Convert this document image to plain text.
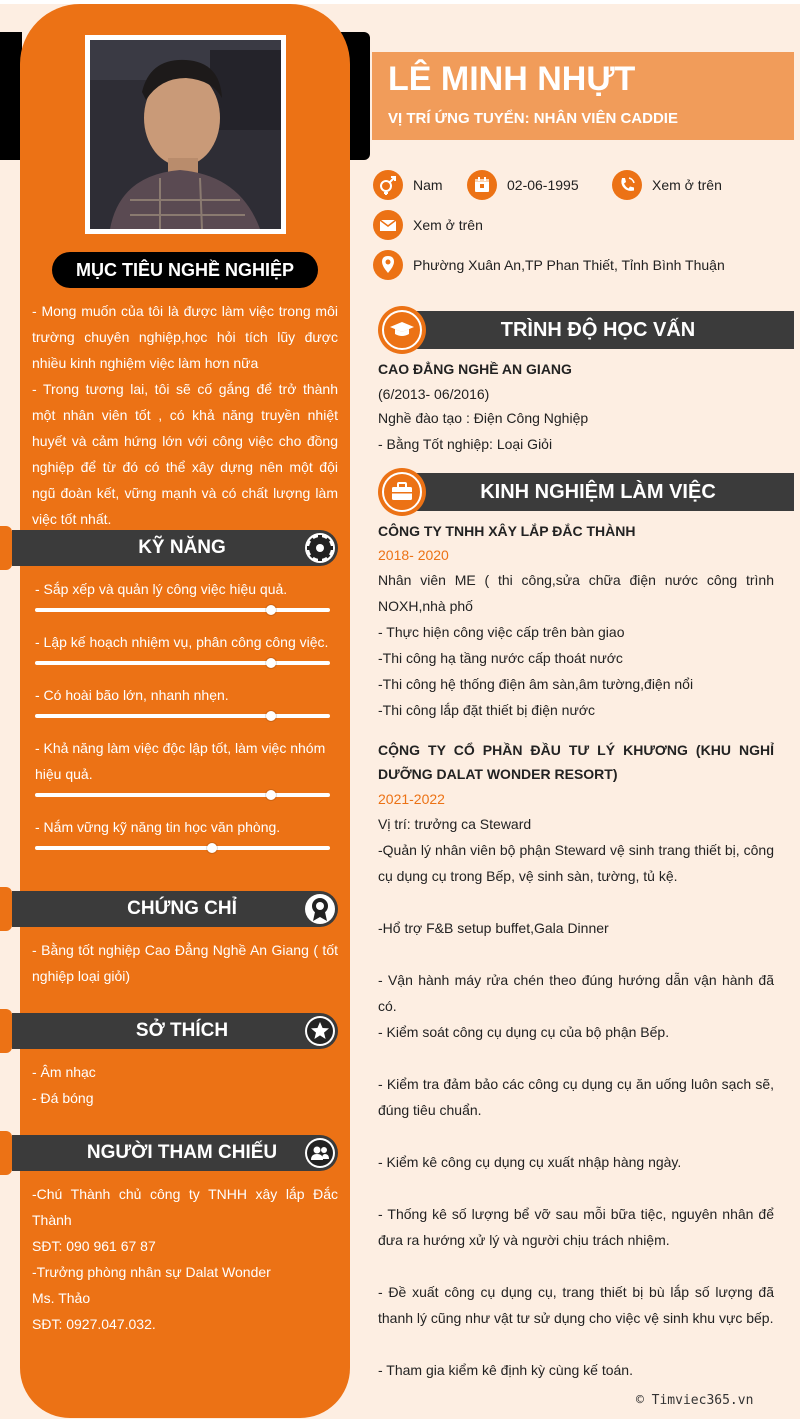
MỤC TIÊU NGHỀ NGHIỆP
- Mong muốn của tôi là được làm việc trong môi trường chuyên nghiệp,học hỏi tích lũy được nhiều kinh nghiệm việc làm hơn nữa
- Trong tương lai, tôi sẽ cố gắng để trở thành một nhân viên tốt , có khả năng truyền nhiệt huyết và cảm hứng lớn với công việc cho đồng nghiệp để từ đó có thể xây dựng nên một đội ngũ đoàn kết, vững mạnh và có chất lượng làm việc tốt nhất.
KỸ NĂNG
- Sắp xếp và quản lý công việc hiệu quả.
- Lập kế hoạch nhiệm vụ, phân công công việc.
- Có hoài bão lớn, nhanh nhẹn.
- Khả năng làm việc độc lập tốt, làm việc nhóm hiệu quả.
- Nắm vững kỹ năng tin học văn phòng.
CHỨNG CHỈ
- Bằng tốt nghiệp Cao Đẳng Nghề An Giang ( tốt nghiệp loại giỏi)
SỞ THÍCH
- Âm nhạc
- Đá bóng
NGƯỜI THAM CHIẾU
-Chú Thành chủ công ty TNHH xây lắp Đắc Thành
SĐT: 090 961 67 87
-Trưởng phòng nhân sự Dalat Wonder
Ms. Thảo
SĐT: 0927.047.032.
LÊ MINH NHỰT
VỊ TRÍ ỨNG TUYỂN: NHÂN VIÊN CADDIE
Nam	02-06-1995	Xem ở trên
Xem ở trên
Phường Xuân An,TP Phan Thiết, Tỉnh Bình Thuận
TRÌNH ĐỘ HỌC VẤN
CAO ĐẲNG NGHỀ AN GIANG
(6/2013- 06/2016)
Nghề đào tạo : Điện Công Nghiệp
- Bằng Tốt nghiệp: Loại Giỏi
KINH NGHIỆM LÀM VIỆC
CÔNG TY TNHH XÂY LẮP ĐẮC THÀNH
2018- 2020
Nhân viên ME ( thi công,sửa chữa điện nước công trình NOXH,nhà phố
- Thực hiện công việc cấp trên bàn giao
-Thi công hạ tầng nước cấp thoát nước
-Thi công hệ thống điện âm sàn,âm tường,điện nổi
-Thi công lắp đặt thiết bị điện nước
CỘNG TY CỔ PHẦN ĐẦU TƯ LÝ KHƯƠNG (KHU NGHỈ DƯỠNG DALAT WONDER RESORT)
2021-2022
Vị trí: trưởng ca Steward
-Quản lý nhân viên bộ phận Steward vệ sinh trang thiết bị, công cụ dụng cụ trong Bếp, vệ sinh sàn, tường, tủ kệ.
-Hổ trợ F&B setup buffet,Gala Dinner
- Vận hành máy rửa chén theo đúng hướng dẫn vận hành đã có.
- Kiểm soát công cụ dụng cụ của bộ phận Bếp.
- Kiểm tra đảm bảo các công cụ dụng cụ ăn uống luôn sạch sẽ, đúng tiêu chuẩn.
- Kiểm kê công cụ dụng cụ xuất nhập hàng ngày.
- Thống kê số lượng bể vỡ sau mỗi bữa tiệc, nguyên nhân để đưa ra hướng xử lý và người chịu trách nhiệm.
- Đề xuất công cụ dụng cụ, trang thiết bị bù lắp số lượng đã thanh lý cũng như vật tư sử dụng cho việc vệ sinh khu vực bếp.
- Tham gia kiểm kê định kỳ cùng kế toán.
© Timviec365.vn
